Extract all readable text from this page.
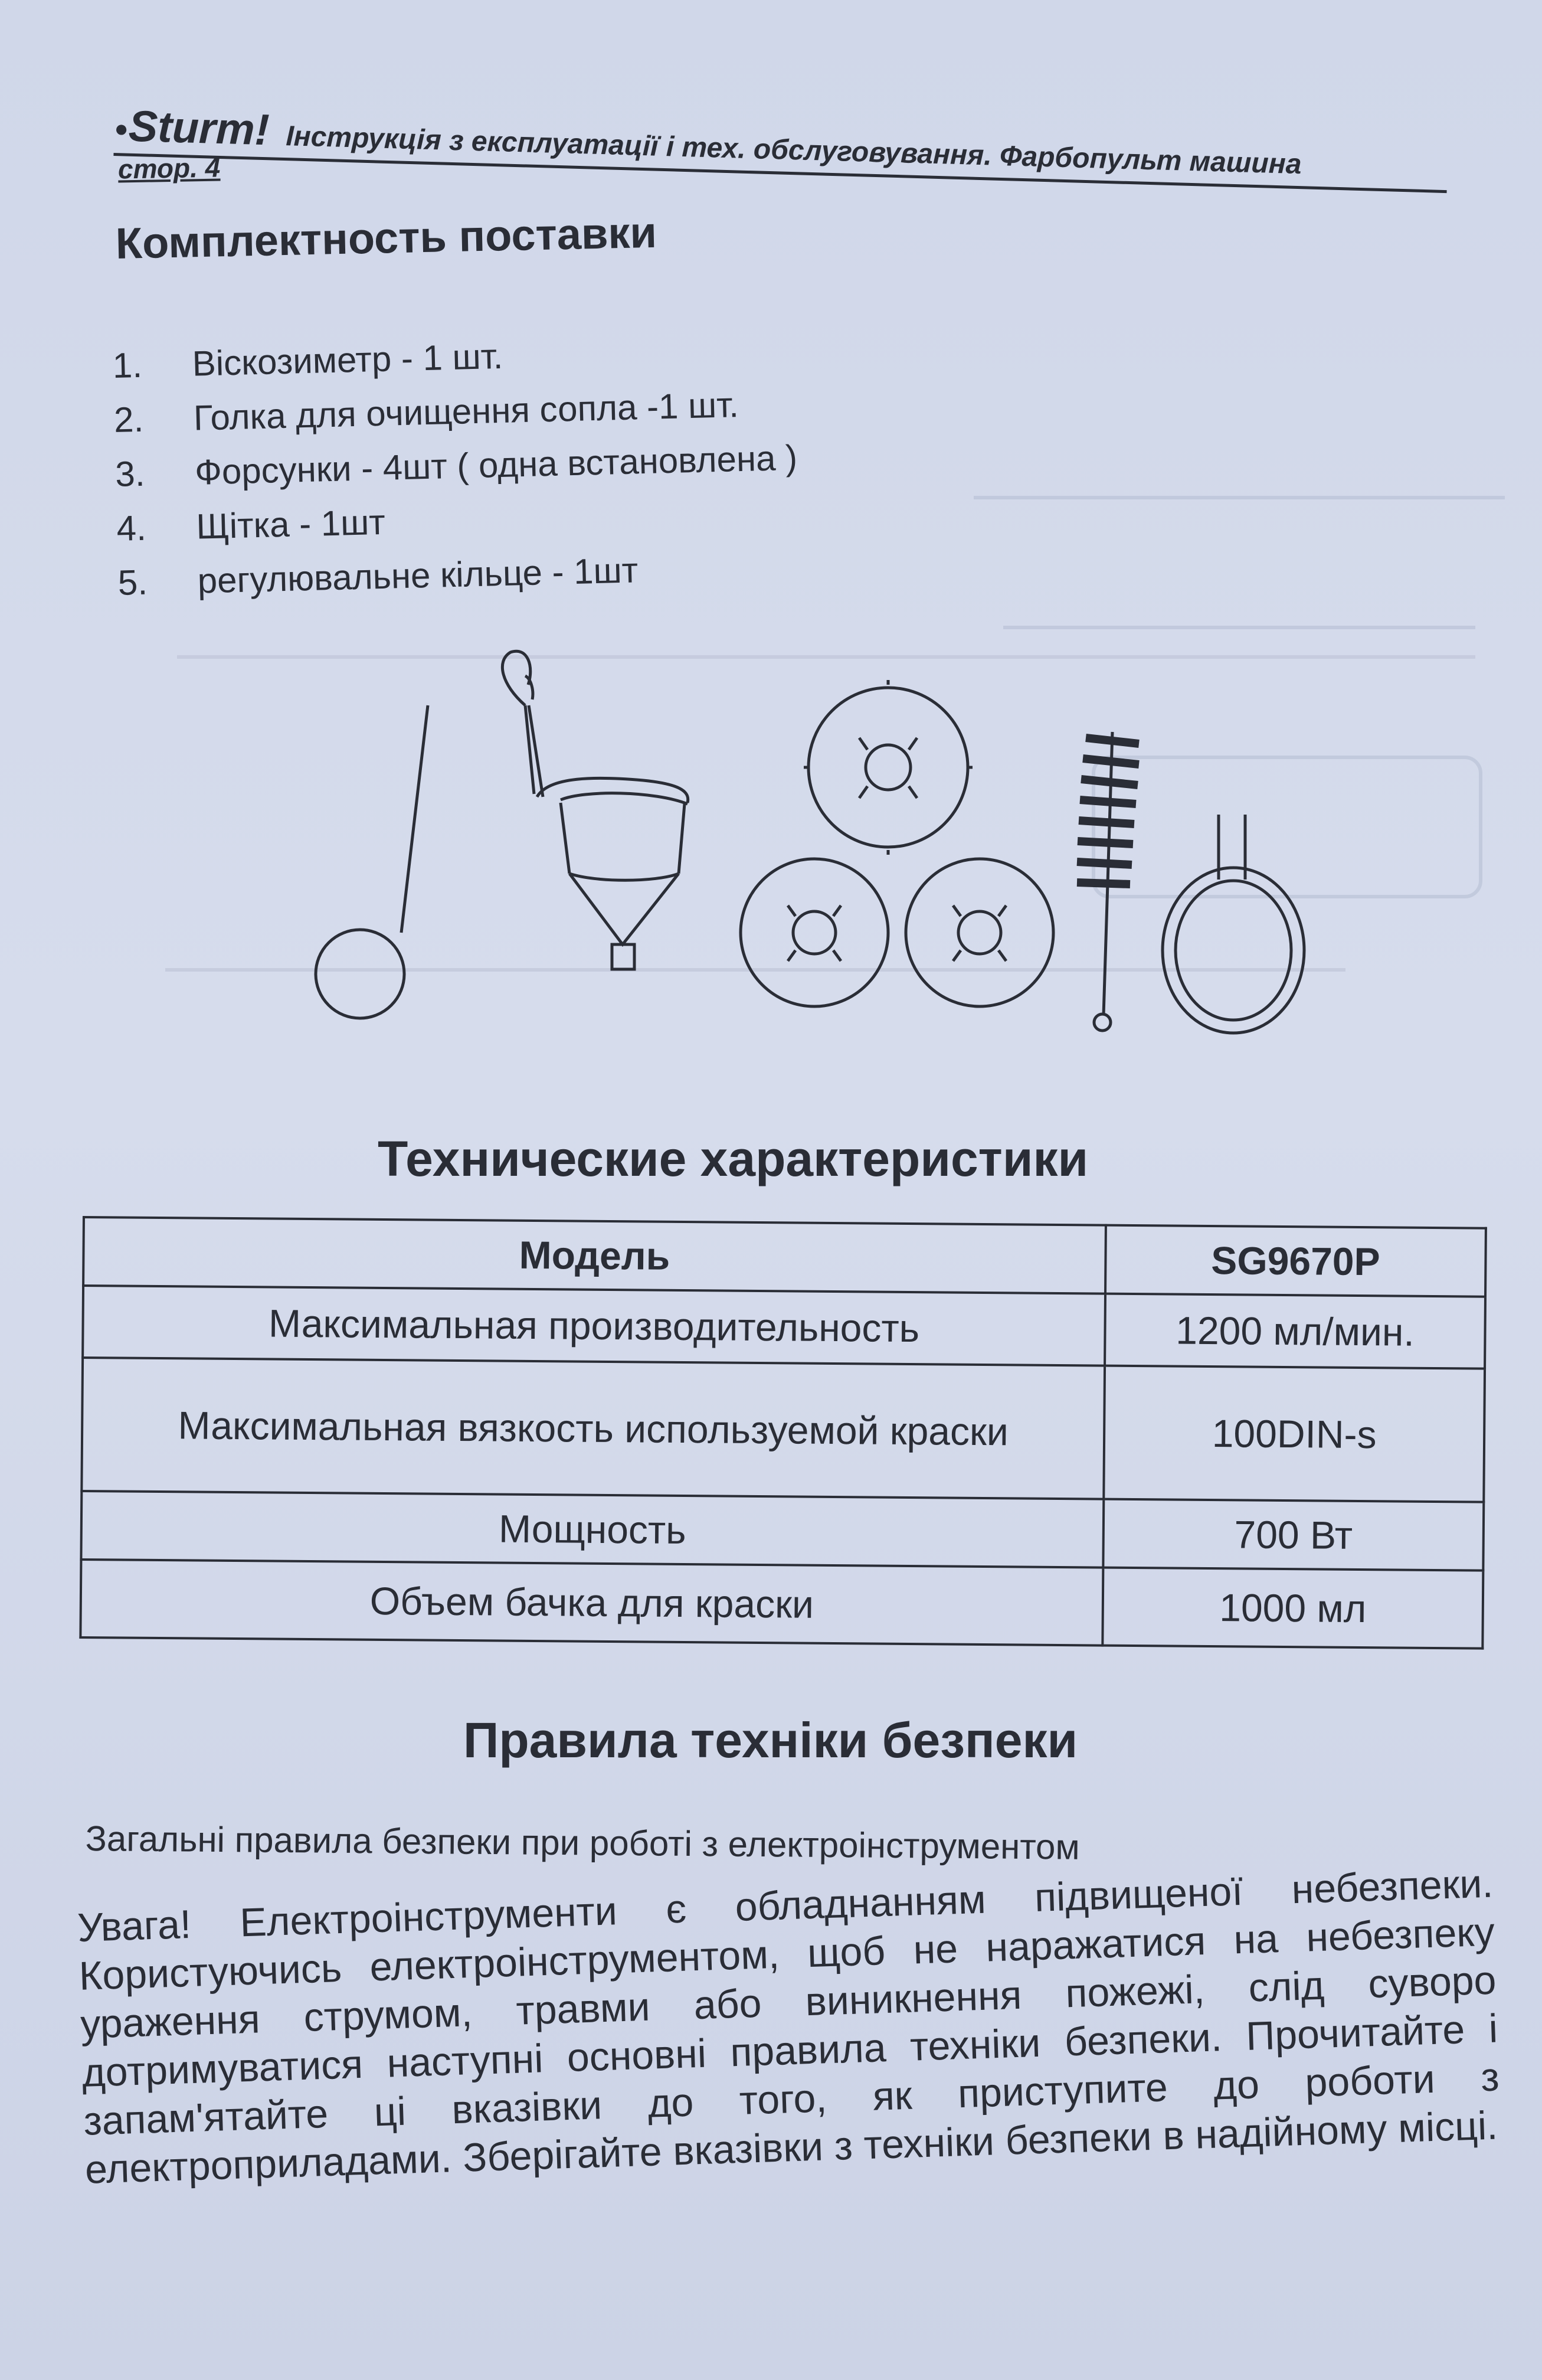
●Sturm! Інструкція з експлуатації і тех. обслуговування. Фарбопульт машина
стор. 4
Комплектность поставки
1.	Віскозиметр - 1 шт.
2.	Голка для очищення сопла -1 шт.
3.	Форсунки - 4шт ( одна встановлена )
4.	Щітка - 1шт
5.	регулювальне кільце - 1шт
Технические характеристики
Модель	SG9670P
Максимальная производительность	1200 мл/мин.
Максимальная вязкость используемой краски	100DIN-s
Мощность	700 Вт
Объем бачка для краски	1000 мл
Правила техніки безпеки
Загальні правила безпеки при роботі з електроінструментом
Увага! Електроінструменти є обладнанням підвищеної небезпеки. Користуючись електроінструментом, щоб не наражатися на небезпеку ураження струмом, травми або виникнення пожежі, слід суворо дотримуватися наступні основні правила техніки безпеки. Прочитайте і запам'ятайте ці вказівки до того, як приступите до роботи з електроприладами. Зберігайте вказівки з техніки безпеки в надійному місці.
